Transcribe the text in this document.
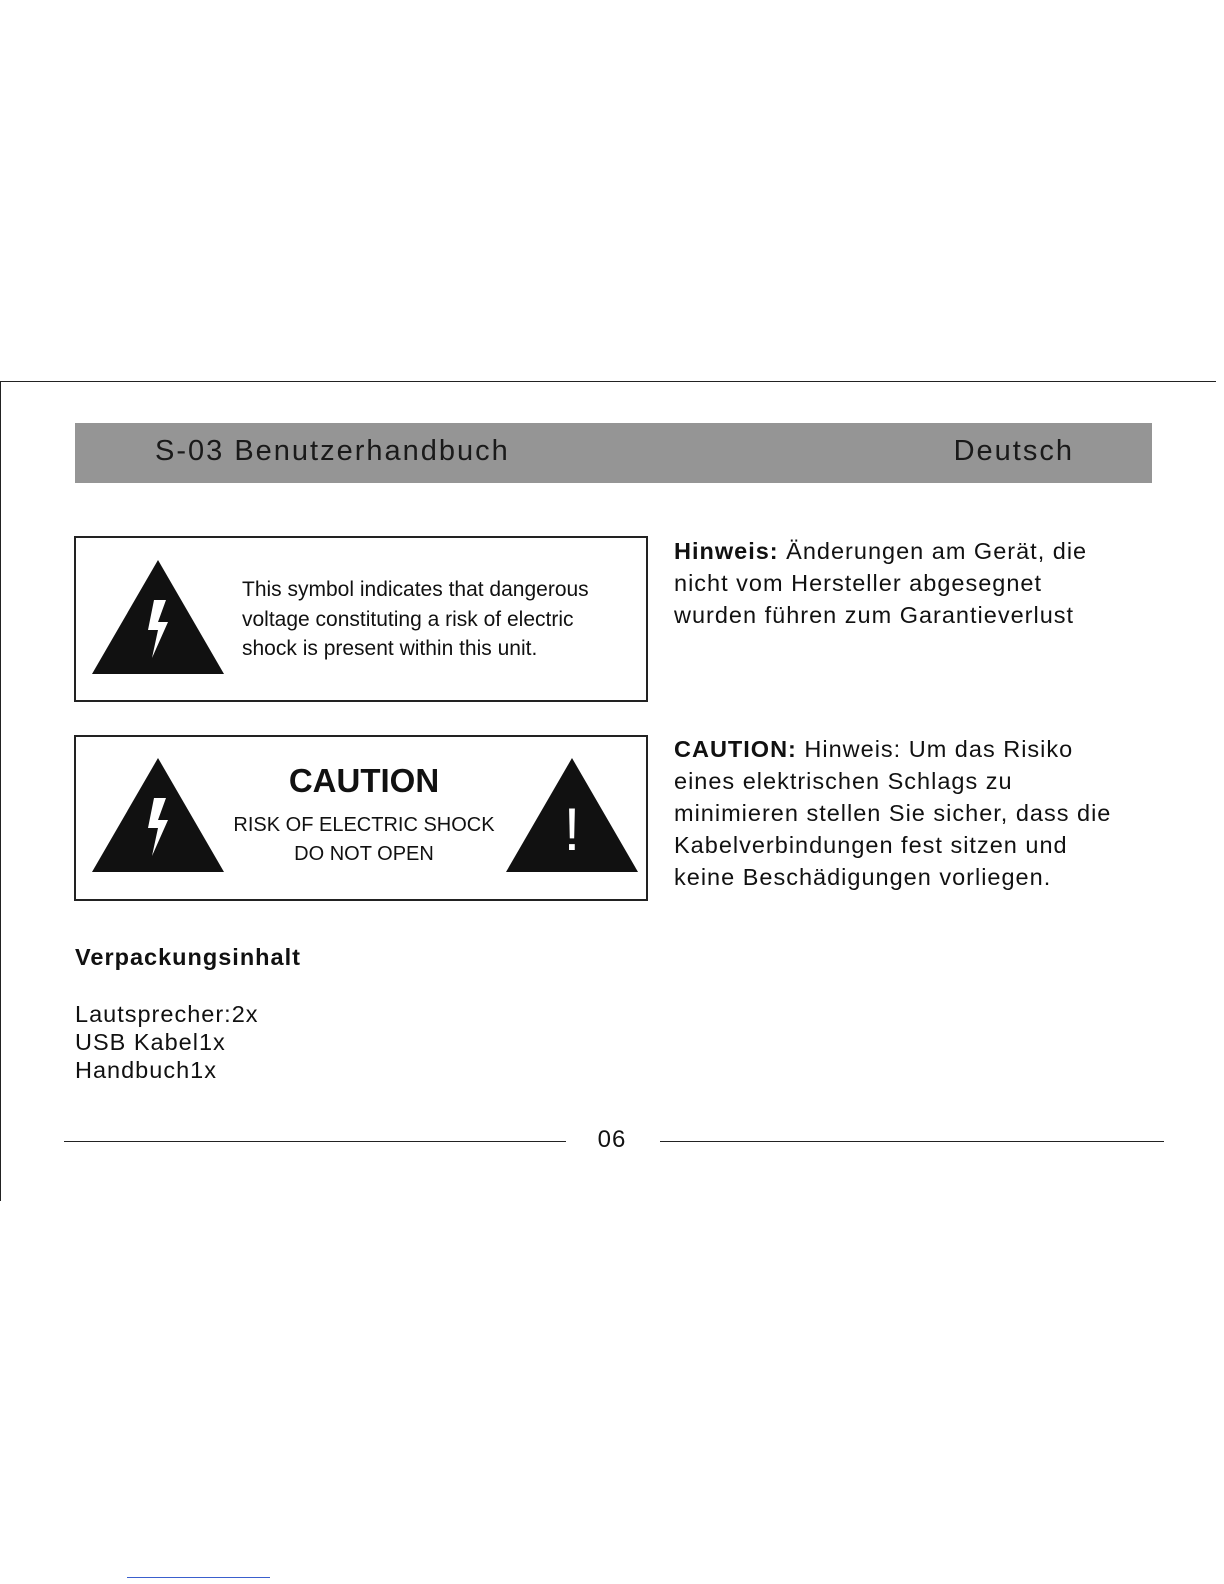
S-03 Benutzerhandbuch	Deutsch
This symbol indicates that dangerous
voltage constituting a risk of electric
shock is present within this unit.
CAUTION
RISK OF ELECTRIC SHOCK
DO NOT OPEN	!
Hinweis: Änderungen am Gerät, die
nicht vom Hersteller abgesegnet
wurden führen zum Garantieverlust
CAUTION: Hinweis: Um das Risiko
eines elektrischen Schlags zu
minimieren stellen Sie sicher, dass die
Kabelverbindungen fest sitzen und
keine Beschädigungen vorliegen.
Verpackungsinhalt
Lautsprecher:2x
USB Kabel1x
Handbuch1x
06
